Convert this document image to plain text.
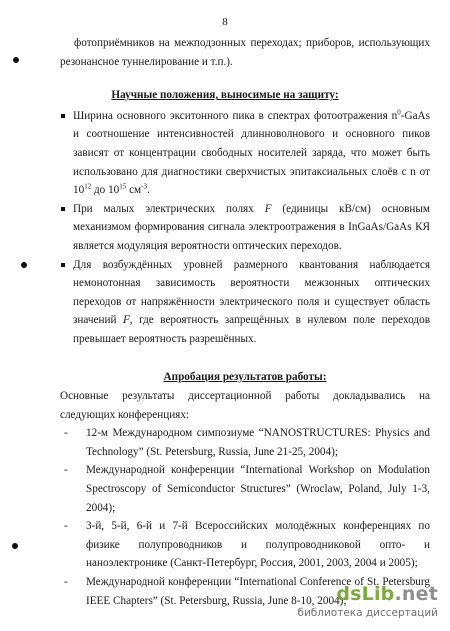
8

фотоприёмников на межподзонных переходах; приборов, использующих резонансное туннелирование и т.п.).

Научные положения, выносимые на защиту:

Ширина основного экситонного пика в спектрах фотоотражения $n^0$-GaAs и соотношение интенсивностей длинноволнового и основного пиков зависят от концентрации свободных носителей заряда, что может быть использовано для диагностики сверхчистых эпитаксиальных слоёв с n от $10^{12}$ до $10^{15}$ $см^{-3}$.
При малых электрических полях F (единицы кВ/см) основным механизмом формирования сигнала электроотражения в InGaAs/GaAs КЯ является модуляция вероятности оптических переходов.
Для возбуждённых уровней размерного квантования наблюдается немонотонная зависимость вероятности межзонных оптических переходов от напряжённости электрического поля и существует область значений F, где вероятность запрещённых в нулевом поле переходов превышает вероятность разрешённых.

Апробация результатов работы:

Основные результаты диссертационной работы докладывались на следующих конференциях:

- 12-м Международном симпозиуме “NANOSTRUCTURES: Physics and Technology” (St. Petersburg, Russia, June 21-25, 2004);
- Международной конференции “International Workshop on Modulation Spectroscopy of Semiconductor Structures” (Wroclaw, Poland, July 1-3, 2004);
- 3-й, 5-й, 6-й и 7-й Всероссийских молодёжных конференциях по физике полупроводников и полупроводниковой опто- и наноэлектронике (Санкт-Петербург, Россия, 2001, 2003, 2004 и 2005);
- Международной конференции “International Conference of St. Petersburg IEEE Chapters” (St. Petersburg, Russia, June 8-10, 2004);
dsLib.net
библиотека диссертаций
